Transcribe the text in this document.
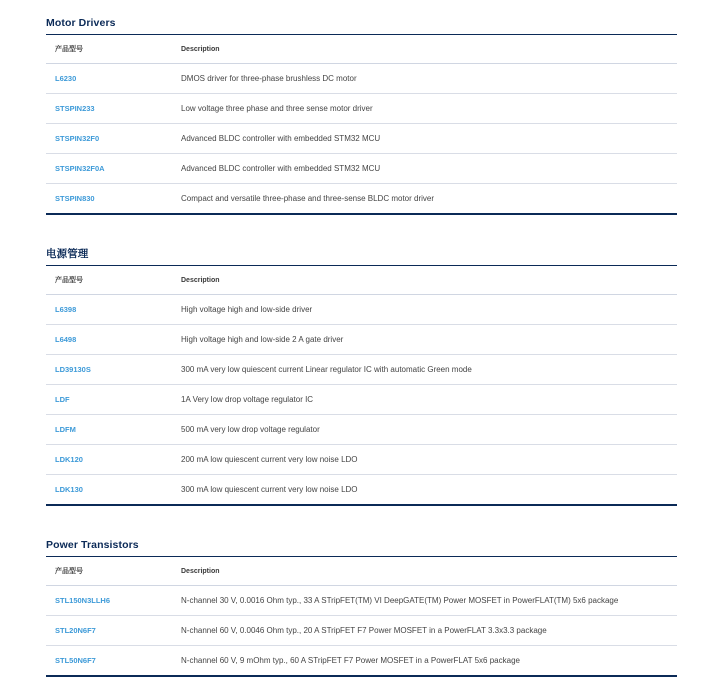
Motor Drivers
产品型号	Description
L6230	DMOS driver for three-phase brushless DC motor
STSPIN233	Low voltage three phase and three sense motor driver
STSPIN32F0	Advanced BLDC controller with embedded STM32 MCU
STSPIN32F0A	Advanced BLDC controller with embedded STM32 MCU
STSPIN830	Compact and versatile three-phase and three-sense BLDC motor driver
电源管理
产品型号	Description
L6398	High voltage high and low-side driver
L6498	High voltage high and low-side 2 A gate driver
LD39130S	300 mA very low quiescent current Linear regulator IC with automatic Green mode
LDF	1A Very low drop voltage regulator IC
LDFM	500 mA very low drop voltage regulator
LDK120	200 mA low quiescent current very low noise LDO
LDK130	300 mA low quiescent current very low noise LDO
Power Transistors
产品型号	Description
STL150N3LLH6	N-channel 30 V, 0.0016 Ohm typ., 33 A STripFET(TM) VI DeepGATE(TM) Power MOSFET in PowerFLAT(TM) 5x6 package
STL20N6F7	N-channel 60 V, 0.0046 Ohm typ., 20 A STripFET F7 Power MOSFET in a PowerFLAT 3.3x3.3 package
STL50N6F7	N-channel 60 V, 9 mOhm typ., 60 A STripFET F7 Power MOSFET in a PowerFLAT 5x6 package
